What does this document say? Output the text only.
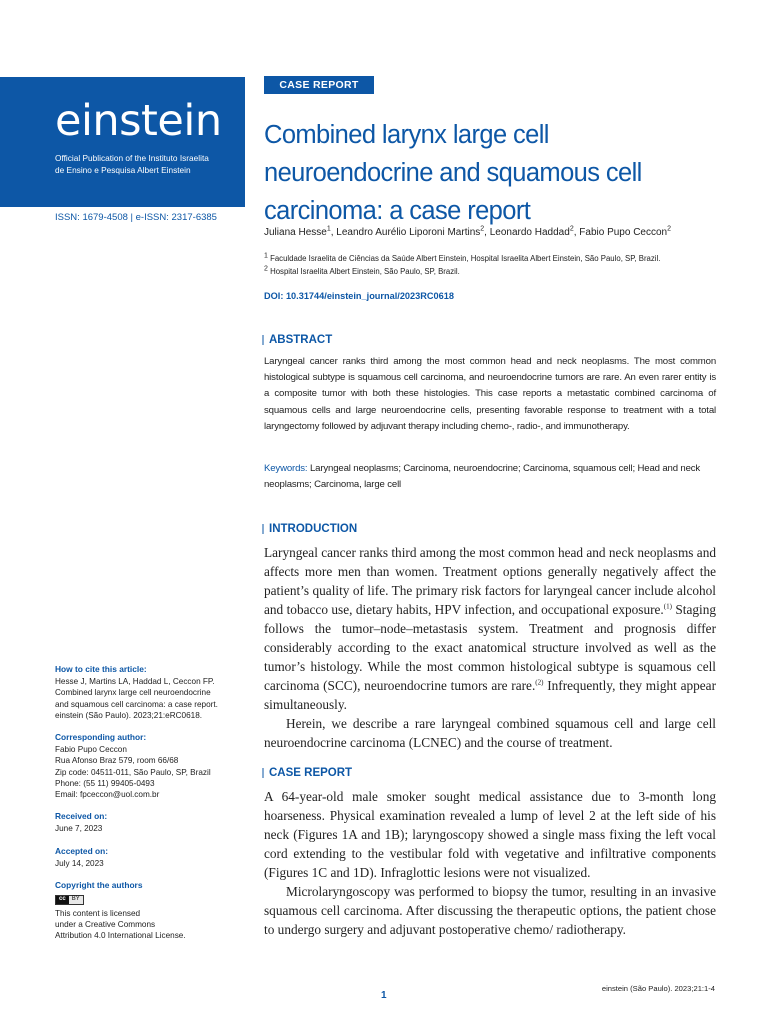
einstein
Official Publication of the Instituto Israelita
de Ensino e Pesquisa Albert Einstein
ISSN: 1679-4508 | e-ISSN: 2317-6385
How to cite this article:
Hesse J, Martins LA, Haddad L, Ceccon FP.
Combined larynx large cell neuroendocrine
and squamous cell carcinoma: a case report.
einstein (São Paulo). 2023;21:eRC0618.
Corresponding author:
Fabio Pupo Ceccon
Rua Afonso Braz 579, room 66/68
Zip code: 04511-011, São Paulo, SP, Brazil
Phone: (55 11) 99405-0493
Email: fpceccon@uol.com.br
Received on:
June 7, 2023
Accepted on:
July 14, 2023
Copyright the authors
cc	BY
This content is licensed
under a Creative Commons
Attribution 4.0 International License.
CASE REPORT
Combined larynx large cell
neuroendocrine and squamous cell
carcinoma: a case report
Juliana Hesse$^1$, Leandro Aurélio Liporoni Martins$^2$, Leonardo Haddad$^2$, Fabio Pupo Ceccon$^2$
$^1$ Faculdade Israelita de Ciências da Saúde Albert Einstein, Hospital Israelita Albert Einstein, São Paulo, SP, Brazil.
$^2$ Hospital Israelita Albert Einstein, São Paulo, SP, Brazil.
DOI: 10.31744/einstein_journal/2023RC0618
ABSTRACT
Laryngeal cancer ranks third among the most common head and neck neoplasms. The most common histological subtype is squamous cell carcinoma, and neuroendocrine tumors are rare. An even rarer entity is a composite tumor with both these histologies. This case reports a metastatic combined carcinoma of squamous cells and large neuroendocrine cells, presenting favorable response to treatment with a total laryngectomy followed by adjuvant therapy including chemo-, radio-, and immunotherapy.
Keywords: Laryngeal neoplasms; Carcinoma, neuroendocrine; Carcinoma, squamous cell; Head and neck neoplasms; Carcinoma, large cell
INTRODUCTION

Laryngeal cancer ranks third among the most common head and neck neoplasms and affects more men than women. Treatment options generally negatively affect the patient’s quality of life. The primary risk factors for laryngeal cancer include alcohol and tobacco use, dietary habits, HPV infection, and occupational exposure.$^{(1)}$ Staging follows the tumor–node–metastasis system. Treatment and prognosis differ considerably according to the exact anatomical structure involved as well as the tumor’s histology. While the most common histological subtype is squamous cell carcinoma (SCC), neuroendocrine tumors are rare.$^{(2)}$ Infrequently, they might appear simultaneously.

Herein, we describe a rare laryngeal combined squamous cell and large cell neuroendocrine carcinoma (LCNEC) and the course of treatment.

CASE REPORT

A 64-year-old male smoker sought medical assistance due to 3-month long hoarseness. Physical examination revealed a lump of level 2 at the left side of his neck (Figures 1A and 1B); laryngoscopy showed a single mass fixing the left vocal cord extending to the vestibular fold with vegetative and infiltrative components (Figures 1C and 1D). Infraglottic lesions were not visualized.

Microlaryngoscopy was performed to biopsy the tumor, resulting in an invasive squamous cell carcinoma. After discussing the therapeutic options, the patient chose to undergo surgery and adjuvant postoperative chemo/ radiotherapy.

einstein (São Paulo). 2023;21:1-4
1
